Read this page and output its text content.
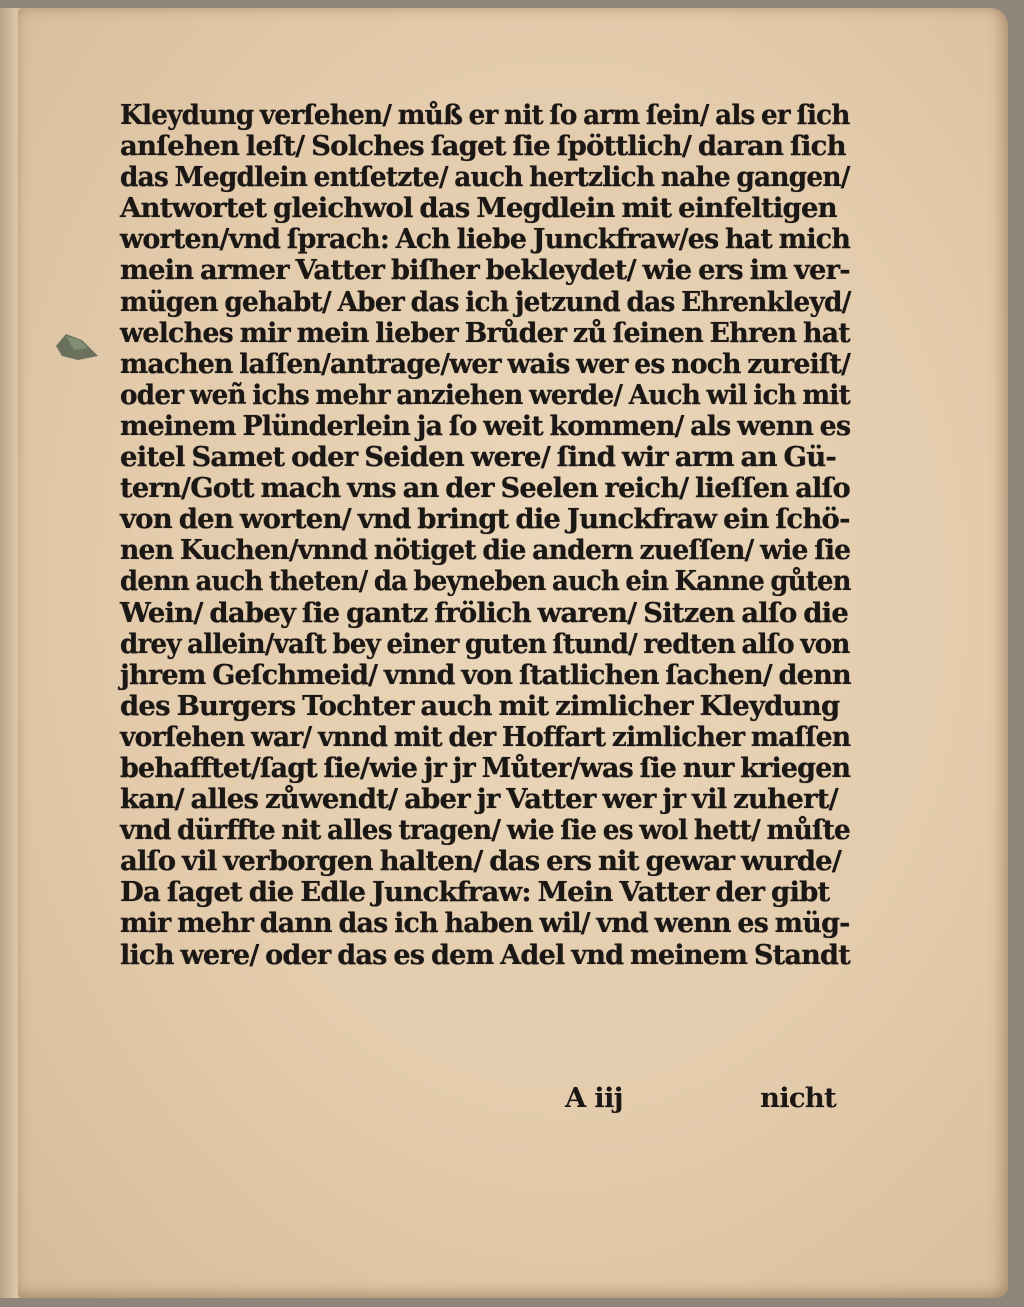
Kleydung verſehen/ můß er nit ſo arm ſein/ als er ſich
anſehen leſt/ Solches ſaget ſie ſpöttlich/ daran ſich
das Megdlein entſetzte/ auch hertzlich nahe gangen/
Antwortet gleichwol das Megdlein mit einfeltigen
worten/vnd ſprach: Ach liebe Junckfraw/es hat mich
mein armer Vatter biſher bekleydet/ wie ers im ver-
mügen gehabt/ Aber das ich jetzund das Ehrenkleyd/
welches mir mein lieber Brůder zů ſeinen Ehren hat
machen laſſen/antrage/wer wais wer es noch zureiſt/
oder weñ ichs mehr anziehen werde/ Auch wil ich mit
meinem Plünderlein ja ſo weit kommen/ als wenn es
eitel Samet oder Seiden were/ ſind wir arm an Gü-
tern/Gott mach vns an der Seelen reich/ lieſſen alſo
von den worten/ vnd bringt die Junckfraw ein ſchö-
nen Kuchen/vnnd nötiget die andern zueſſen/ wie ſie
denn auch theten/ da beyneben auch ein Kanne gůten
Wein/ dabey ſie gantz frölich waren/ Sitzen alſo die
drey allein/vaſt bey einer guten ſtund/ redten alſo von
jhrem Geſchmeid/ vnnd von ſtatlichen ſachen/ denn
des Burgers Tochter auch mit zimlicher Kleydung
vorſehen war/ vnnd mit der Hoffart zimlicher maſſen
behafftet/ſagt ſie/wie jr jr Můter/was ſie nur kriegen
kan/ alles zůwendt/ aber jr Vatter wer jr vil zuhert/
vnd dürffte nit alles tragen/ wie ſie es wol hett/ můſte
alſo vil verborgen halten/ das ers nit gewar wurde/
Da ſaget die Edle Junckfraw: Mein Vatter der gibt
mir mehr dann das ich haben wil/ vnd wenn es müg-
lich were/ oder das es dem Adel vnd meinem Standt
A iij	nicht
